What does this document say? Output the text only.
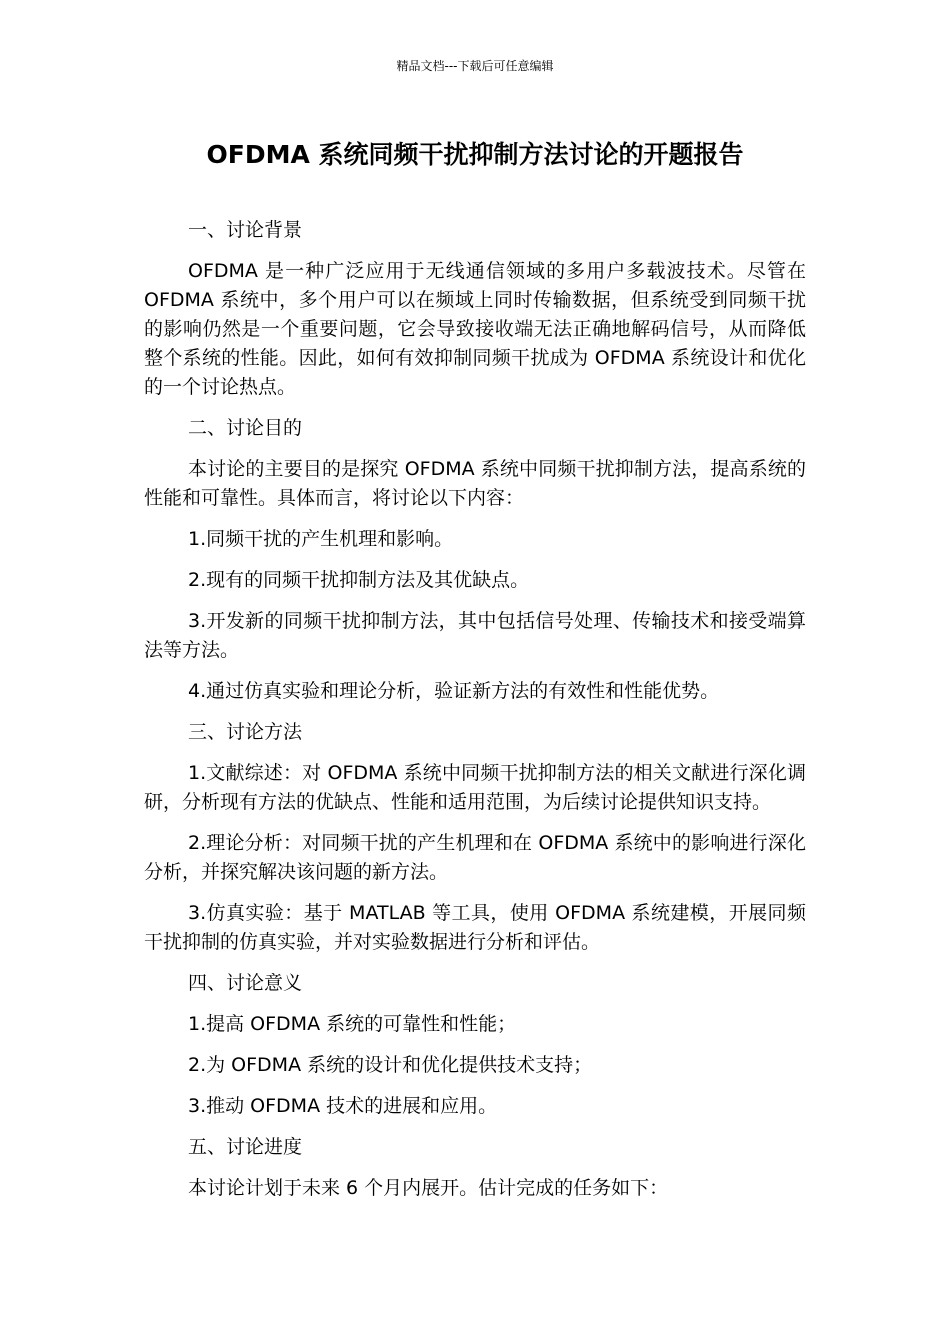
精品文档---下载后可任意编辑
OFDMA 系统同频干扰抑制方法讨论的开题报告

一、讨论背景

OFDMA 是一种广泛应用于无线通信领域的多用户多载波技术。尽管在 OFDMA 系统中，多个用户可以在频域上同时传输数据，但系统受到同频干扰的影响仍然是一个重要问题，它会导致接收端无法正确地解码信号，从而降低整个系统的性能。因此，如何有效抑制同频干扰成为 OFDMA 系统设计和优化的一个讨论热点。

二、讨论目的

本讨论的主要目的是探究 OFDMA 系统中同频干扰抑制方法，提高系统的性能和可靠性。具体而言，将讨论以下内容：

1.同频干扰的产生机理和影响。

2.现有的同频干扰抑制方法及其优缺点。

3.开发新的同频干扰抑制方法，其中包括信号处理、传输技术和接受端算法等方法。

4.通过仿真实验和理论分析，验证新方法的有效性和性能优势。

三、讨论方法

1.文献综述：对 OFDMA 系统中同频干扰抑制方法的相关文献进行深化调研，分析现有方法的优缺点、性能和适用范围，为后续讨论提供知识支持。

2.理论分析：对同频干扰的产生机理和在 OFDMA 系统中的影响进行深化分析，并探究解决该问题的新方法。

3.仿真实验：基于 MATLAB 等工具，使用 OFDMA 系统建模，开展同频干扰抑制的仿真实验，并对实验数据进行分析和评估。

四、讨论意义

1.提高 OFDMA 系统的可靠性和性能；

2.为 OFDMA 系统的设计和优化提供技术支持；

3.推动 OFDMA 技术的进展和应用。

五、讨论进度

本讨论计划于未来 6 个月内展开。估计完成的任务如下：
